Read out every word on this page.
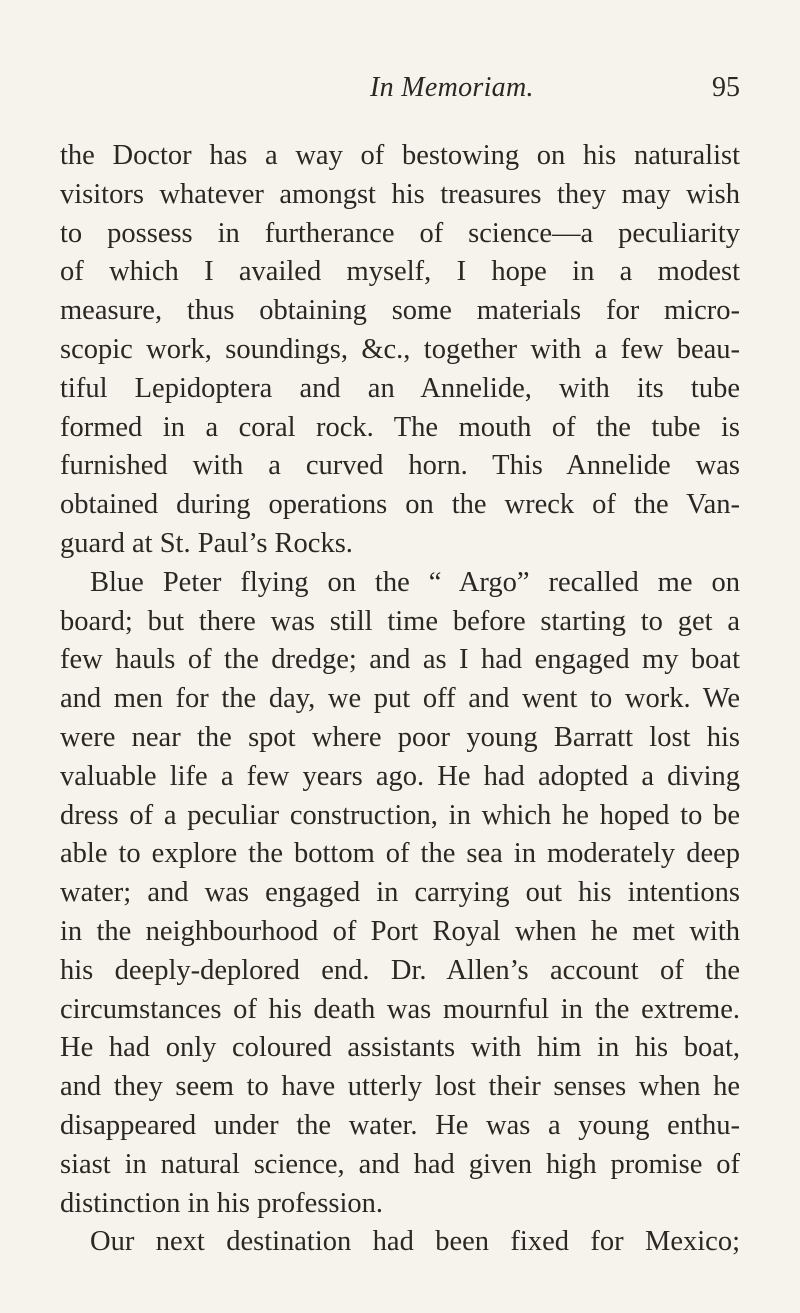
In Memoriam.	95
the Doctor has a way of bestowing on his naturalist
visitors whatever amongst his treasures they may wish
to possess in furtherance of science—a peculiarity
of which I availed myself, I hope in a modest
measure, thus obtaining some materials for micro-
scopic work, soundings, &c., together with a few beau-
tiful Lepidoptera and an Annelide, with its tube
formed in a coral rock. The mouth of the tube is
furnished with a curved horn. This Annelide was
obtained during operations on the wreck of the Van-
guard at St. Paul’s Rocks.
Blue Peter flying on the “ Argo” recalled me on
board; but there was still time before starting to get a
few hauls of the dredge; and as I had engaged my boat
and men for the day, we put off and went to work. We
were near the spot where poor young Barratt lost his
valuable life a few years ago. He had adopted a diving
dress of a peculiar construction, in which he hoped to be
able to explore the bottom of the sea in moderately deep
water; and was engaged in carrying out his intentions
in the neighbourhood of Port Royal when he met with
his deeply-deplored end. Dr. Allen’s account of the
circumstances of his death was mournful in the extreme.
He had only coloured assistants with him in his boat,
and they seem to have utterly lost their senses when he
disappeared under the water. He was a young enthu-
siast in natural science, and had given high promise of
distinction in his profession.
Our next destination had been fixed for Mexico;
